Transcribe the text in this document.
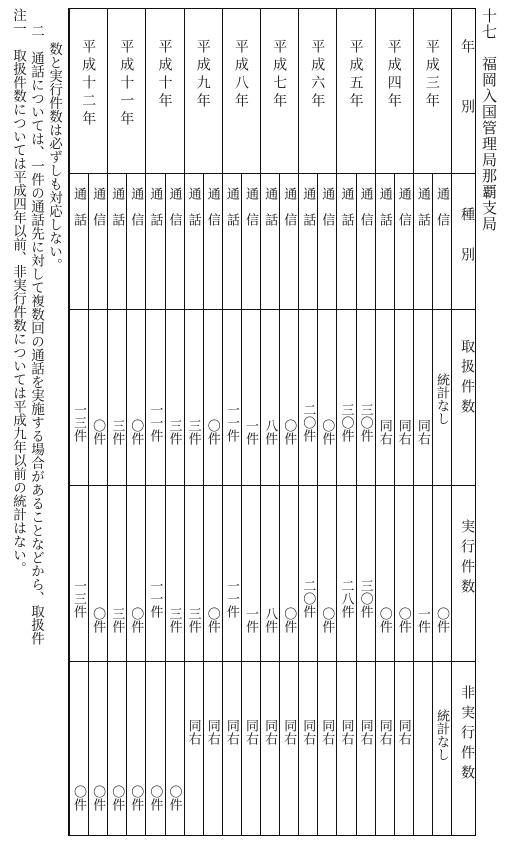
十七　福岡入国管理局那覇支局
年　　別
種　別
取扱件数
実行件数
非実行件数
平成三年
通　信
統計なし
〇件
統計なし
通　話
同右
一件
平成四年
通　信
同右
〇件
同右
通　話
同右
〇件
同右
平成五年
通　信
三〇件
三〇件
同右
通　話
三〇件
二八件
同右
平成六年
通　信
〇件
〇件
同右
通　話
二〇件
二〇件
同右
平成七年
通　信
〇件
〇件
同右
通　話
八件
八件
同右
平成八年
通　信
一件
一件
同右
通　話
一一件
一一件
同右
平成九年
通　信
〇件
〇件
同右
通　話
三件
三件
同右
平成十年
通　信
三件
三件
〇件
通　話
一一件
一一件
〇件
平成十一年
通　信
〇件
〇件
〇件
通　話
三件
三件
〇件
平成十二年
通　信
〇件
〇件
〇件
通　話
一三件
一三件
〇件
注一　取扱件数については平成四年以前、非実行件数については平成九年以前の統計はない。 二　通話については、一件の通話先に対して複数回の通話を実施する場合があることなどから、取扱件 数と実行件数は必ずしも対応しない。
